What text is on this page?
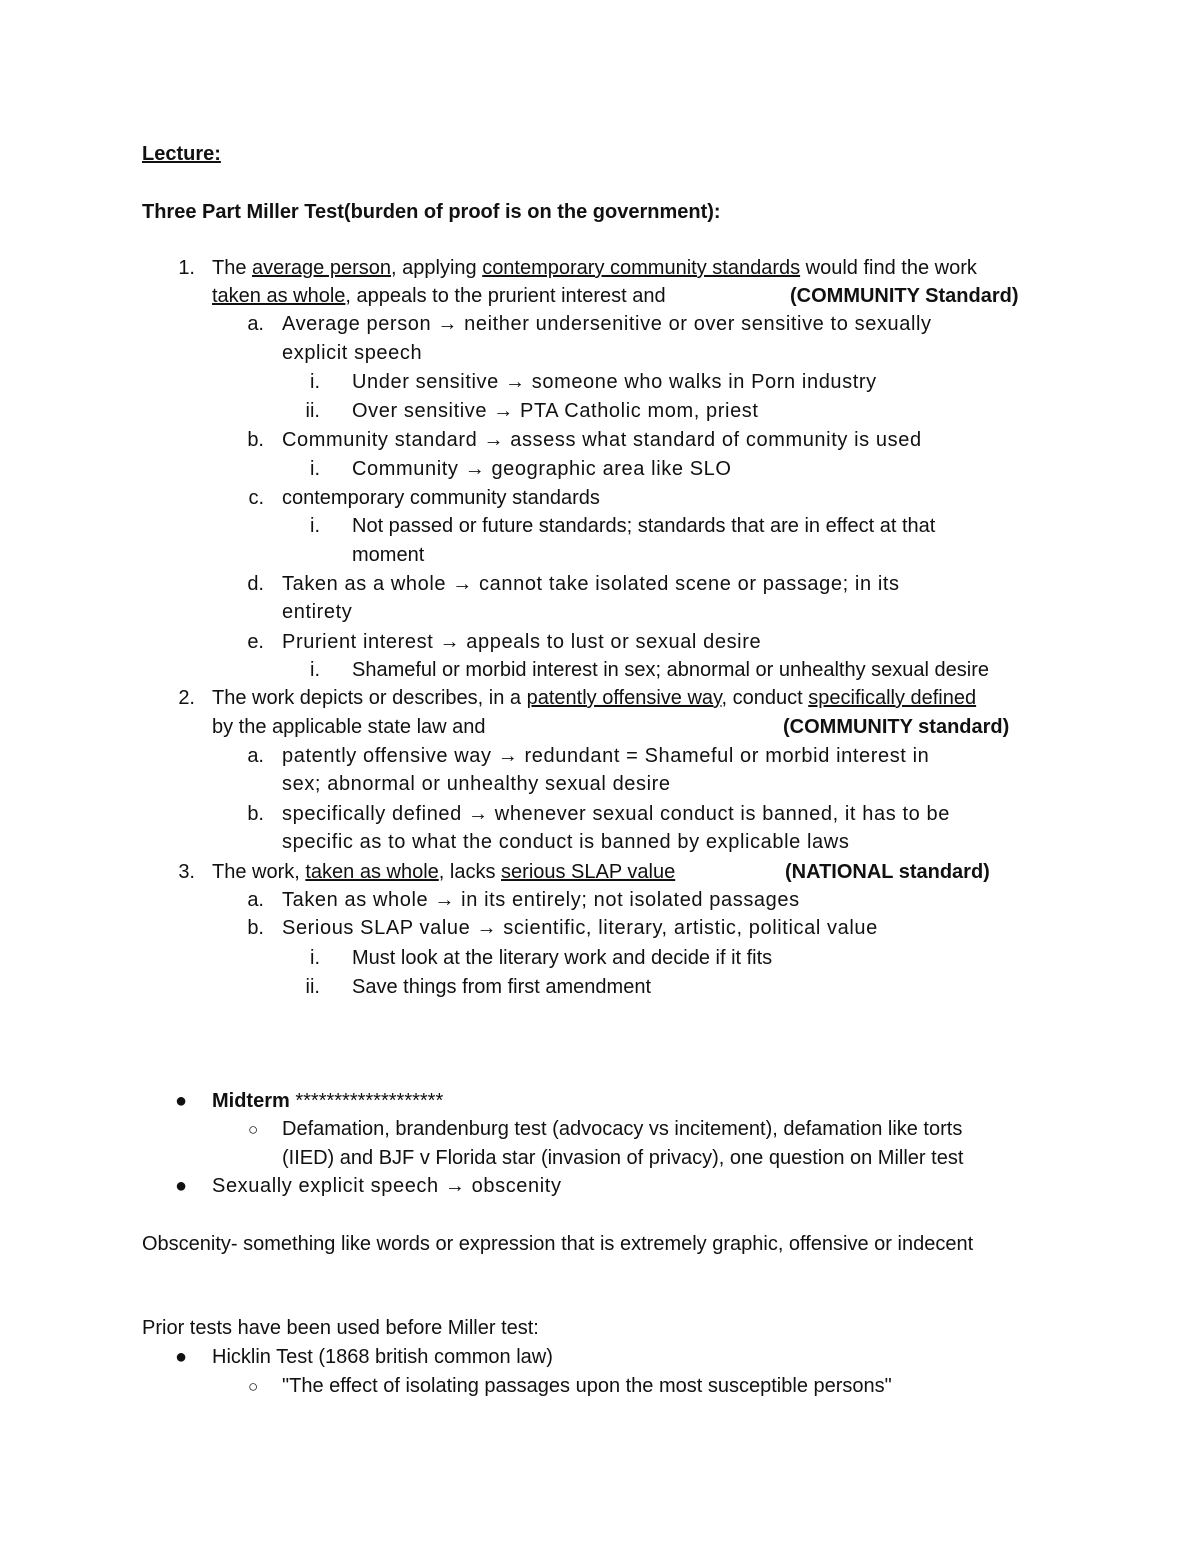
Lecture:
Three Part Miller Test(burden of proof is on the government):
1. The average person, applying contemporary community standards would find the work
taken as whole, appeals to the prurient interest and	(COMMUNITY Standard)
a. Average person → neither undersenitive or over sensitive to sexually
explicit speech
i. Under sensitive → someone who walks in Porn industry
ii. Over sensitive → PTA Catholic mom, priest
b. Community standard → assess what standard of community is used
i. Community → geographic area like SLO
c. contemporary community standards
i. Not passed or future standards; standards that are in effect at that
moment
d. Taken as a whole → cannot take isolated scene or passage; in its
entirety
e. Prurient interest → appeals to lust or sexual desire
i. Shameful or morbid interest in sex; abnormal or unhealthy sexual desire
2. The work depicts or describes, in a patently offensive way, conduct specifically defined
by the applicable state law and	(COMMUNITY standard)
a. patently offensive way → redundant = Shameful or morbid interest in
sex; abnormal or unhealthy sexual desire
b. specifically defined → whenever sexual conduct is banned, it has to be
specific as to what the conduct is banned by explicable laws
3. The work, taken as whole, lacks serious SLAP value	(NATIONAL standard)
a. Taken as whole → in its entirely; not isolated passages
b. Serious SLAP value → scientific, literary, artistic, political value
i. Must look at the literary work and decide if it fits
ii. Save things from first amendment
● Midterm *******************
○ Defamation, brandenburg test (advocacy vs incitement), defamation like torts
(IIED) and BJF v Florida star (invasion of privacy), one question on Miller test
● Sexually explicit speech → obscenity
Obscenity- something like words or expression that is extremely graphic, offensive or indecent
Prior tests have been used before Miller test:
● Hicklin Test (1868 british common law)
○ "The effect of isolating passages upon the most susceptible persons"
